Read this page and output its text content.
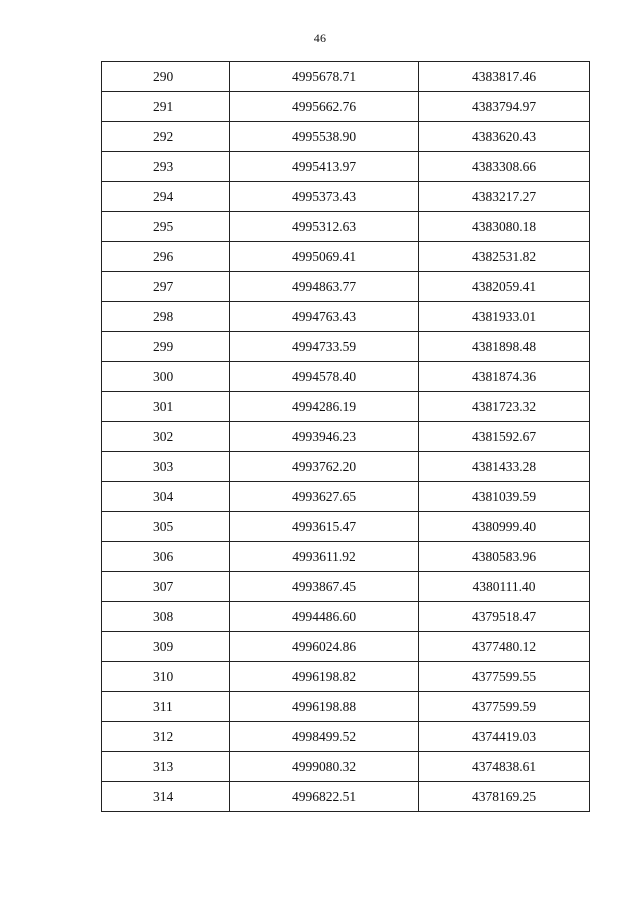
46
290	4995678.71	4383817.46
291	4995662.76	4383794.97
292	4995538.90	4383620.43
293	4995413.97	4383308.66
294	4995373.43	4383217.27
295	4995312.63	4383080.18
296	4995069.41	4382531.82
297	4994863.77	4382059.41
298	4994763.43	4381933.01
299	4994733.59	4381898.48
300	4994578.40	4381874.36
301	4994286.19	4381723.32
302	4993946.23	4381592.67
303	4993762.20	4381433.28
304	4993627.65	4381039.59
305	4993615.47	4380999.40
306	4993611.92	4380583.96
307	4993867.45	4380111.40
308	4994486.60	4379518.47
309	4996024.86	4377480.12
310	4996198.82	4377599.55
311	4996198.88	4377599.59
312	4998499.52	4374419.03
313	4999080.32	4374838.61
314	4996822.51	4378169.25
